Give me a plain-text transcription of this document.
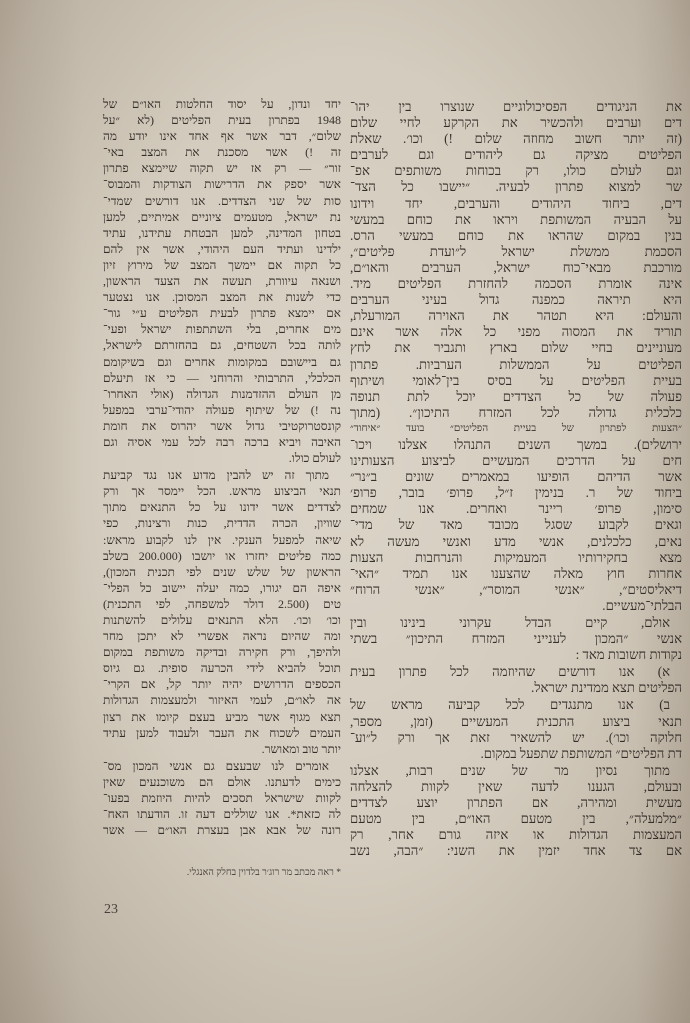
את הניגודים הפסיכולוגיים שנוצרו בין יהו־
דים וערבים ולהכשיר את הקרקע לחיי שלום
(זה יותר חשוב מחוזה שלום !) וכו׳. שאלת
הפליטים מציקה גם ליהודים וגם לערבים
וגם לעולם כולו, רק בכוחות משותפים אפ־
שר למצוא פתרון לבעיה. ״יישבו כל הצד־
דים, ביחוד היהודים והערבים, יחד וידונו
על הבעיה המשותפת ויראו את כוחם במעשי
בנין במקום שהראו את כוחם במעשי הרס.
הסכמת ממשלת ישראל ל״ועדת פליטים״,
מורכבת מבאי־כוח ישראל, הערבים והאו״ם,
אינה אומרת הסכמה להחזרת הפליטים מיד.
היא תיראה כמפנה גדול בעיני הערבים
והעולם: היא תטהר את האוירה המורעלת,
תוריד את המסוה מפני כל אלה אשר אינם
מעוניינים בחיי שלום בארץ ותגביר את לחץ
הפליטים על הממשלות הערביות. פתרון
בעיית הפליטים על בסיס בין־לאומי ושיתוף
פעולה של כל הצדדים יוכל לתת תנופה
כלכלית גדולה לכל המזרח התיכון״. (מתוך
״הצעות לפתרון של בעיית הפליטים״ בועד ״איחוד״
ירושלים). במשך השנים התנהלו אצלנו ויכו־
חים על הדרכים המעשיים לביצוע הצעותינו
אשר הדיהם הופיעו במאמרים שונים ב״נר״
ביחוד של ר. בנימין ז״ל, פרופ׳ בובר, פרופ׳
סימון, פרופ׳ ריינר ואחרים. אנו שמחים
וגאים לקבוע שסגל מכובד מאד של מדי־
נאים, כלכלנים, אנשי מדע ואנשי מעשה לא
מצא בחקירותיו המעמיקות והנרחבות הצעות
אחרות חוץ מאלה שהצענו אנו תמיד ״האי־
דיאליסטים״, ״אנשי המוסר״, ״אנשי הרוח״
הבלתי־מעשיים.
אולם, קיים הבדל עקרוני בינינו ובין
אנשי ״המכון לענייני המזרח התיכון״ בשתי
נקודות חשובות מאד :
א) אנו דורשים שהיוזמה לכל פתרון בעית
הפליטים תצא ממדינת ישראל.
ב) אנו מתנגדים לכל קביעה מראש של
תנאי ביצוע התכנית המעשיים (זמן, מספר,
חלוקה וכו׳). יש להשאיר זאת אך ורק ל״וע־
דת הפליטים״ המשותפת שתפעל במקום.
מתוך נסיון מר של שנים רבות, אצלנו
ובעולם, הגענו לדעה שאין לקוות להצלחה
מעשית ומהירה, אם הפתרון יוצע לצדדים
״מלמעלה״, בין מטעם האו״ם, בין מטעם
המעצמות הגדולות או איזה גורם אחר, רק
אם צד אחד יזמין את השני: ״הבה, נשב
יחד ונדון, על יסוד החלטות האו״ם של
1948 בפתרון בעית הפליטים (לא ״על
שלום״, דבר אשר אף אחד אינו יודע מה
זה !) אשר מסכנת את המצב באי־
זור״ — רק אז יש תקוה שיימצא פתרון
אשר יספק את הדרישות הצודקות והמבוס־
סות של שני הצדדים. אנו דורשים שמדי־
נת ישראל, מטעמים ציוניים אמיתיים, למען
בטחון המדינה, למען הבטחת עתידנו, עתיד
ילדינו ועתיד העם היהודי, אשר אין להם
כל תקוה אם יימשך המצב של מירוץ זיון
ושנאה עיוורת, תעשה את הצעד הראשון,
כדי לשנות את המצב המסוכן. אנו נצטער
אם יימצא פתרון לבעית הפליטים ע״י גור־
מים אחרים, בלי השתתפות ישראל ופעי־
לותה בכל השטחים, גם בהחזרתם לישראל,
גם ביישובם במקומות אחרים וגם בשיקומם
הכלכלי, התרבותי והרוחני — כי אז תיעלם
מן העולם ההזדמנות הגדולה (אולי האחרו־
נה !) של שיתוף פעולה יהודי־ערבי במפעל
קונסטרוקטיבי גדול אשר יהרוס את חומת
האיבה ויביא ברכה רבה לכל עמי אסיה וגם
לעולם כולו.
מתוך זה יש להבין מדוע אנו נגד קביעת
תנאי הביצוע מראש. הכל יימסר אך ורק
לצדדים אשר ידונו על כל התנאים מתוך
שוויון, הכרה הדדית, כנות ורצינות, כפי
שיאה למפעל הענקי. אין לנו לקבוע מראש:
כמה פליטים יחזרו או יושבו (200.000 בשלב
הראשון של שלש שנים לפי תכנית המכון),
איפה הם יגורו, כמה יעלה יישוב כל הפלי־
טים (2.500 דולר למשפחה, לפי התכנית)
וכו׳ וכו׳. הלא התנאים עלולים להשתנות
ומה שהיום נראה אפשרי לא יתכן מחר
ולהיפך, ורק חקירה ובדיקה משותפת במקום
תוכל להביא לידי הכרעה סופית. גם גיוס
הכספים הדרושים יהיה יותר קל, אם הקרי־
אה לאו״ם, לעמי האיזור ולמעצמות הגדולות
תצא מגוף אשר מביע בעצם קיומו את רצון
העמים לשכוח את העבר ולעבוד למען עתיד
יותר טוב ומאושר.
אומרים לנו שבעצם גם אנשי המכון מס־
כימים לדעתנו. אולם הם משוכנעים שאין
לקוות שישראל תסכים להיות היוזמת בפעו־
לה כזאת*. אנו שוללים דעה זו. הודעתו האח־
רונה של אבא אבן בעצרת האו״ם — אשר
* ראה מכתב מר רוג׳ר בלדוין בחלק האנגלי.
23
